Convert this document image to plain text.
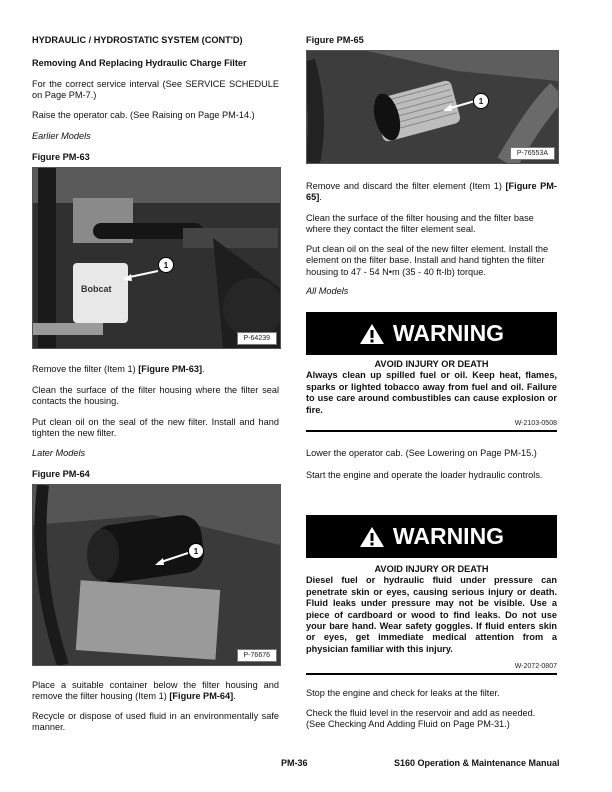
HYDRAULIC / HYDROSTATIC SYSTEM (CONT'D)

Removing And Replacing Hydraulic Charge Filter

For the correct service interval (See SERVICE SCHEDULE on Page PM-7.)

Raise the operator cab. (See Raising on Page PM-14.)

Earlier Models

Figure PM-63

Bobcat
1
P-64239

Remove the filter (Item 1) [Figure PM-63].

Clean the surface of the filter housing where the filter seal contacts the housing.

Put clean oil on the seal of the new filter. Install and hand tighten the new filter.

Later Models

Figure PM-64

1
P-76676

Place a suitable container below the filter housing and remove the filter housing (Item 1) [Figure PM-64].

Recycle or dispose of used fluid in an environmentally safe manner.

Figure PM-65

1
P-76553A

Remove and discard the filter element (Item 1) [Figure PM-65].

Clean the surface of the filter housing and the filter base where they contact the filter element seal.

Put clean oil on the seal of the new filter element. Install the element on the filter base. Install and hand tighten the filter housing to 47 - 54 N•m (35 - 40 ft-lb) torque.

All Models

WARNING
AVOID INJURY OR DEATH
Always clean up spilled fuel or oil. Keep heat, flames, sparks or lighted tobacco away from fuel and oil. Failure to use care around combustibles can cause explosion or fire.
W-2103-0508

Lower the operator cab. (See Lowering on Page PM-15.)

Start the engine and operate the loader hydraulic controls.

WARNING
AVOID INJURY OR DEATH
Diesel fuel or hydraulic fluid under pressure can penetrate skin or eyes, causing serious injury or death. Fluid leaks under pressure may not be visible. Use a piece of cardboard or wood to find leaks. Do not use your bare hand. Wear safety goggles. If fluid enters skin or eyes, get immediate medical attention from a physician familiar with this injury.
W-2072-0807

Stop the engine and check for leaks at the filter.

Check the fluid level in the reservoir and add as needed. (See Checking And Adding Fluid on Page PM-31.)

PM-36	S160 Operation & Maintenance Manual
